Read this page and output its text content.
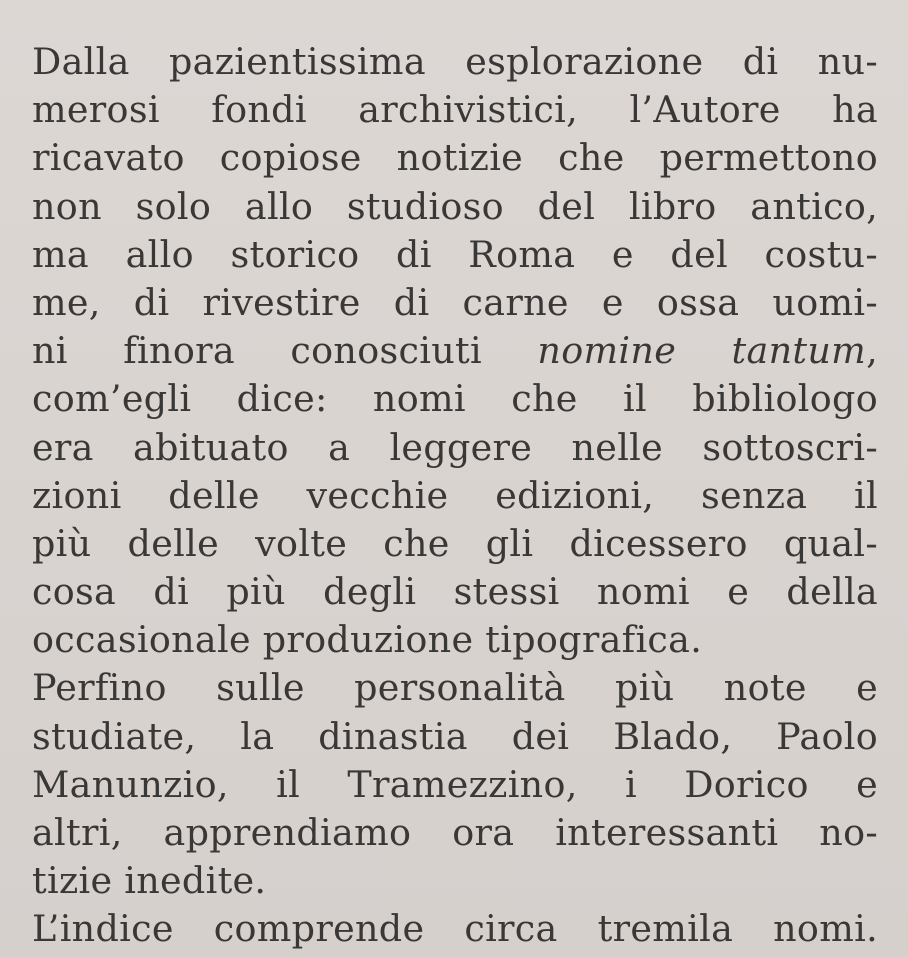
Dalla pazientissima esplorazione di nu-
merosi fondi archivistici, l’Autore ha
ricavato copiose notizie che permettono
non solo allo studioso del libro antico,
ma allo storico di Roma e del costu-
me, di rivestire di carne e ossa uomi-
ni finora conosciuti nomine tantum,
com’egli dice: nomi che il bibliologo
era abituato a leggere nelle sottoscri-
zioni delle vecchie edizioni, senza il
più delle volte che gli dicessero qual-
cosa di più degli stessi nomi e della
occasionale produzione tipografica.
Perfino sulle personalità più note e
studiate, la dinastia dei Blado, Paolo
Manunzio, il Tramezzino, i Dorico e
altri, apprendiamo ora interessanti no-
tizie inedite.
L’indice comprende circa tremila nomi.
